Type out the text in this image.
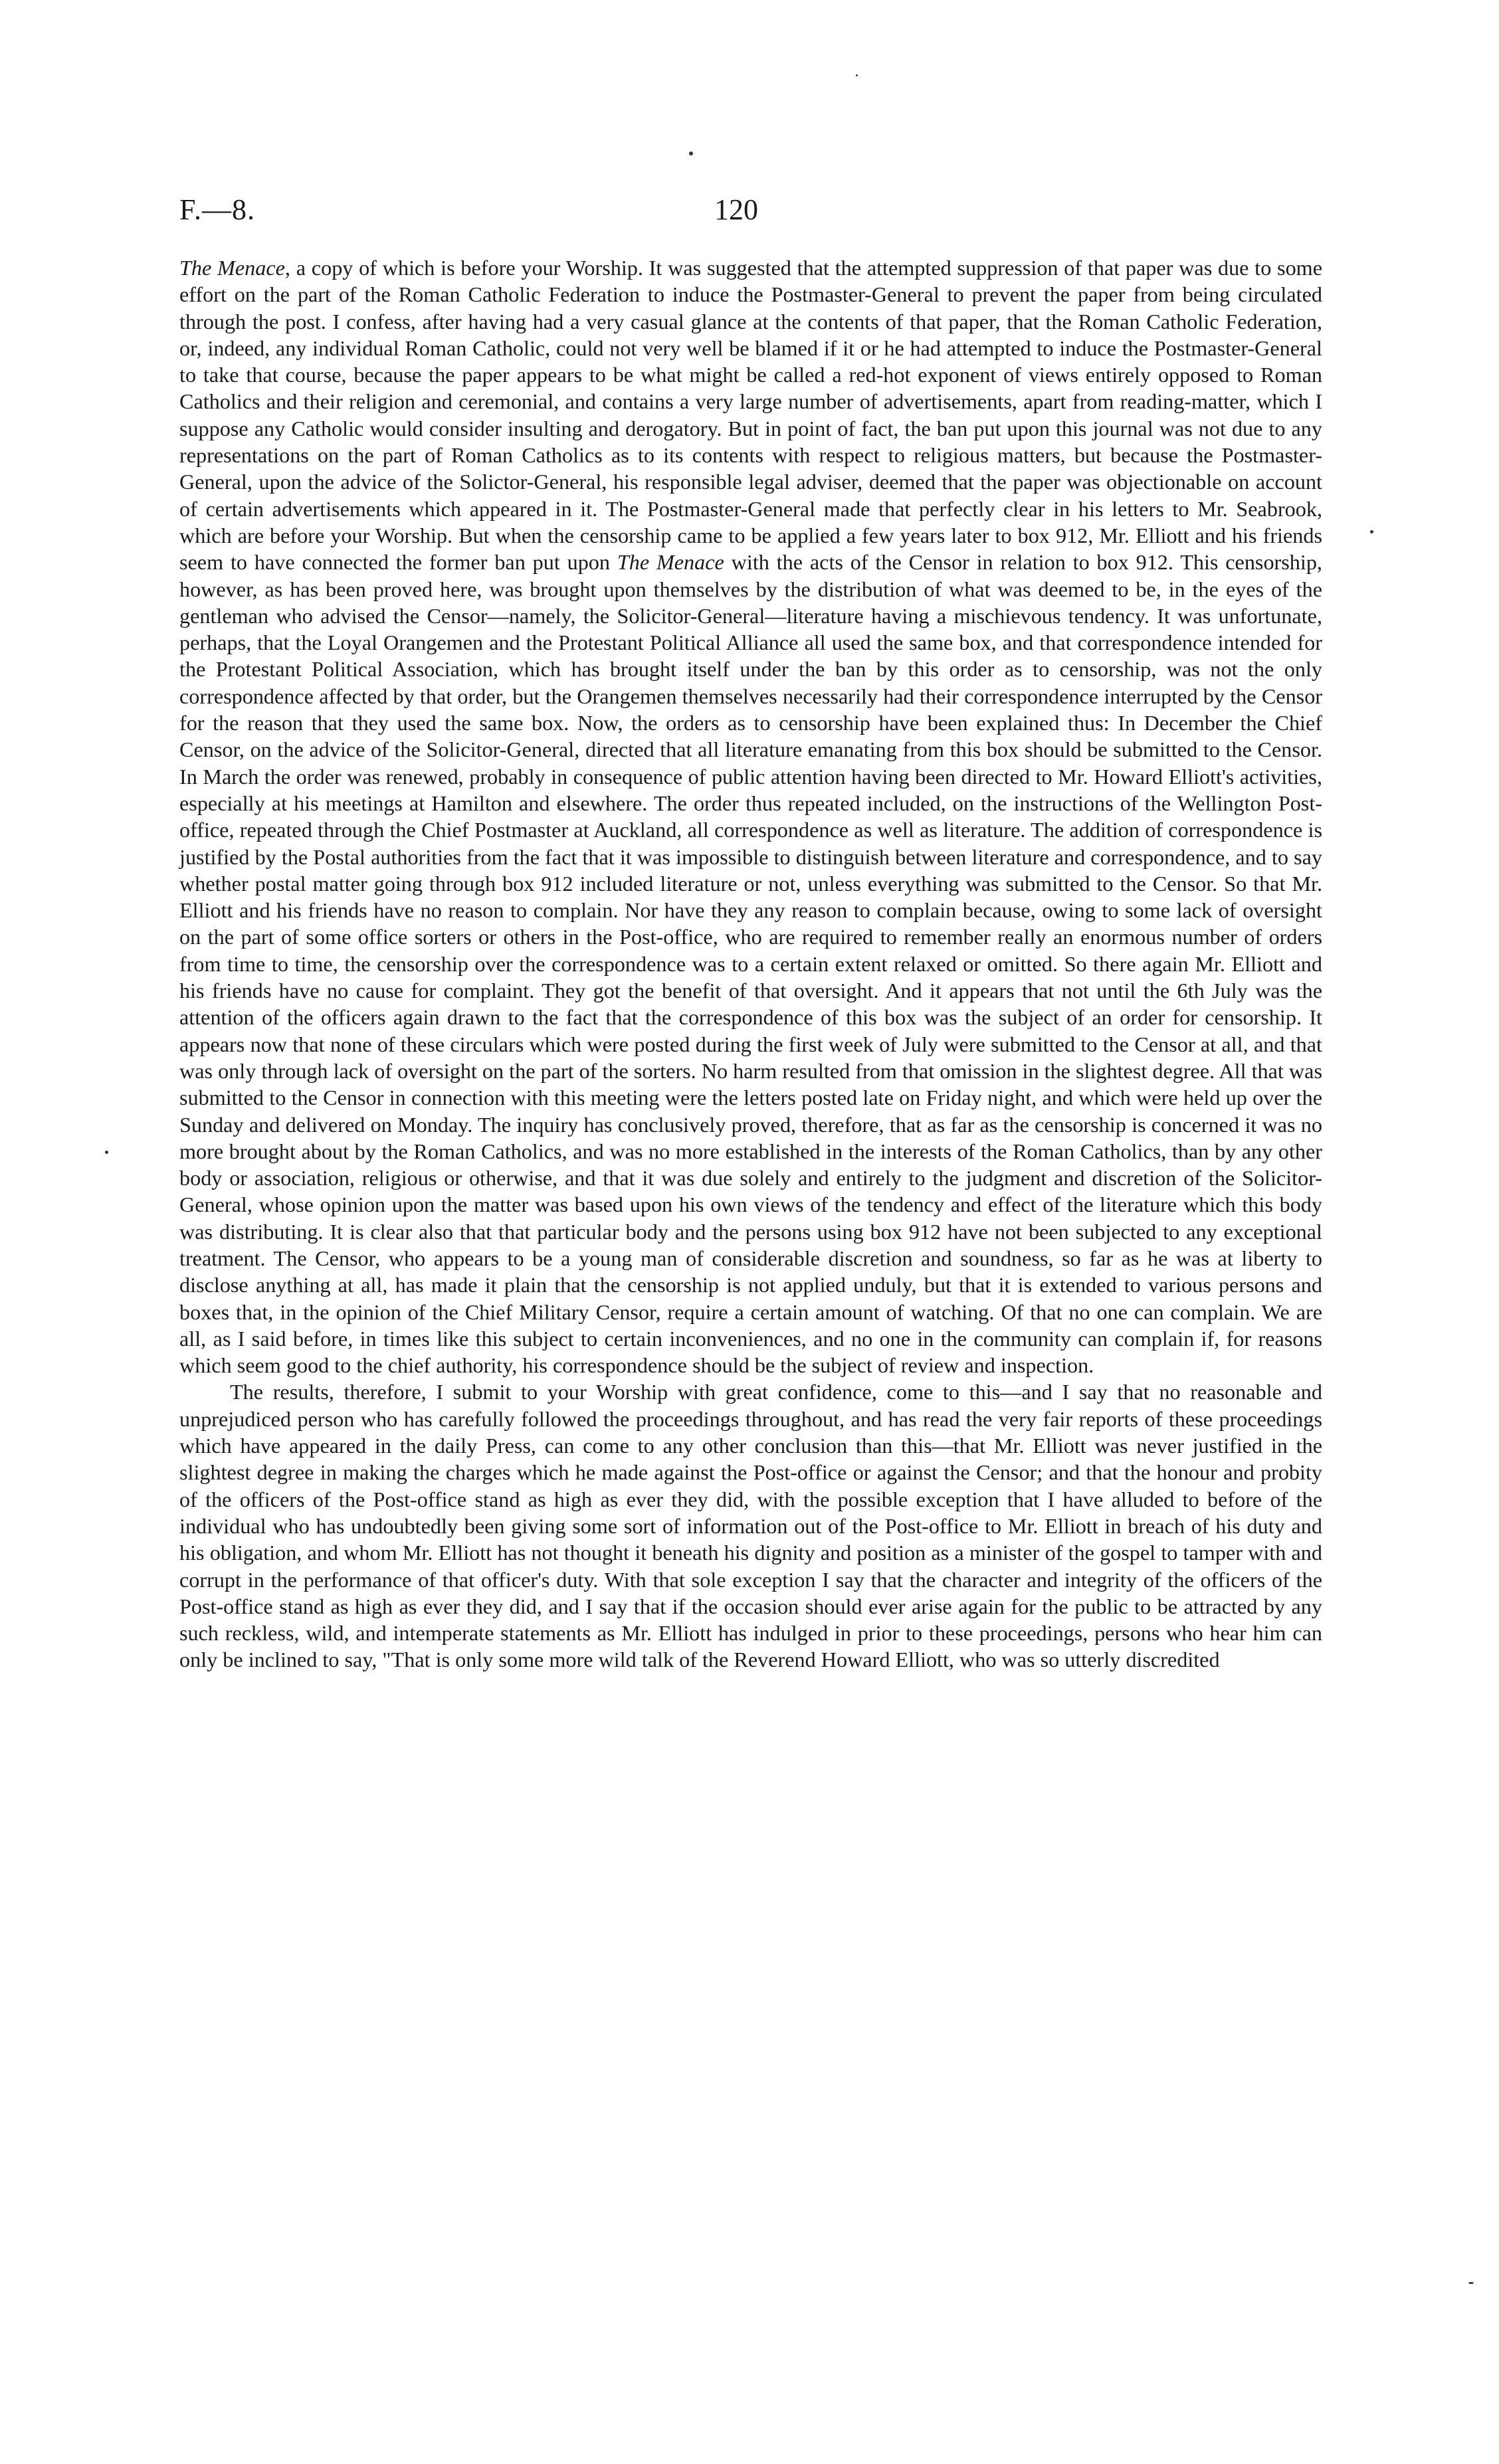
F.—8.	120

The Menace, a copy of which is before your Worship. It was suggested that the attempted suppression of that paper was due to some effort on the part of the Roman Catholic Federation to induce the Postmaster-General to prevent the paper from being circulated through the post. I confess, after having had a very casual glance at the contents of that paper, that the Roman Catholic Federation, or, indeed, any individual Roman Catholic, could not very well be blamed if it or he had attempted to induce the Postmaster-General to take that course, because the paper appears to be what might be called a red-hot exponent of views entirely opposed to Roman Catholics and their religion and ceremonial, and contains a very large number of advertisements, apart from reading-matter, which I suppose any Catholic would consider insulting and derogatory. But in point of fact, the ban put upon this journal was not due to any representations on the part of Roman Catholics as to its contents with respect to religious matters, but because the Postmaster-General, upon the advice of the Solictor-General, his responsible legal adviser, deemed that the paper was objectionable on account of certain advertisements which appeared in it. The Postmaster-General made that perfectly clear in his letters to Mr. Seabrook, which are before your Worship. But when the censorship came to be applied a few years later to box 912, Mr. Elliott and his friends seem to have connected the former ban put upon The Menace with the acts of the Censor in relation to box 912. This censorship, however, as has been proved here, was brought upon themselves by the distribution of what was deemed to be, in the eyes of the gentleman who advised the Censor—namely, the Solicitor-General—literature having a mischievous tendency. It was unfortunate, perhaps, that the Loyal Orangemen and the Protestant Political Alliance all used the same box, and that correspondence intended for the Protestant Political Association, which has brought itself under the ban by this order as to censorship, was not the only correspondence affected by that order, but the Orangemen themselves necessarily had their correspondence interrupted by the Censor for the reason that they used the same box. Now, the orders as to censorship have been explained thus: In December the Chief Censor, on the advice of the Solicitor-General, directed that all literature emanating from this box should be submitted to the Censor. In March the order was renewed, probably in consequence of public attention having been directed to Mr. Howard Elliott's activities, especially at his meetings at Hamilton and elsewhere. The order thus repeated included, on the instructions of the Wellington Post-office, repeated through the Chief Postmaster at Auckland, all correspondence as well as literature. The addition of correspondence is justified by the Postal authorities from the fact that it was impossible to distinguish between literature and correspondence, and to say whether postal matter going through box 912 included literature or not, unless everything was submitted to the Censor. So that Mr. Elliott and his friends have no reason to complain. Nor have they any reason to complain because, owing to some lack of oversight on the part of some office sorters or others in the Post-office, who are required to remember really an enormous number of orders from time to time, the censorship over the correspondence was to a certain extent relaxed or omitted. So there again Mr. Elliott and his friends have no cause for complaint. They got the benefit of that oversight. And it appears that not until the 6th July was the attention of the officers again drawn to the fact that the correspondence of this box was the subject of an order for censorship. It appears now that none of these circulars which were posted during the first week of July were submitted to the Censor at all, and that was only through lack of oversight on the part of the sorters. No harm resulted from that omission in the slightest degree. All that was submitted to the Censor in connection with this meeting were the letters posted late on Friday night, and which were held up over the Sunday and delivered on Monday. The inquiry has conclusively proved, therefore, that as far as the censorship is concerned it was no more brought about by the Roman Catholics, and was no more established in the interests of the Roman Catholics, than by any other body or association, religious or otherwise, and that it was due solely and entirely to the judgment and discretion of the Solicitor-General, whose opinion upon the matter was based upon his own views of the tendency and effect of the literature which this body was distributing. It is clear also that that particular body and the persons using box 912 have not been subjected to any exceptional treatment. The Censor, who appears to be a young man of considerable discretion and soundness, so far as he was at liberty to disclose anything at all, has made it plain that the censorship is not applied unduly, but that it is extended to various persons and boxes that, in the opinion of the Chief Military Censor, require a certain amount of watching. Of that no one can complain. We are all, as I said before, in times like this subject to certain inconveniences, and no one in the community can complain if, for reasons which seem good to the chief authority, his correspondence should be the subject of review and inspection.

The results, therefore, I submit to your Worship with great confidence, come to this—and I say that no reasonable and unprejudiced person who has carefully followed the proceedings throughout, and has read the very fair reports of these proceedings which have appeared in the daily Press, can come to any other conclusion than this—that Mr. Elliott was never justified in the slightest degree in making the charges which he made against the Post-office or against the Censor; and that the honour and probity of the officers of the Post-office stand as high as ever they did, with the possible exception that I have alluded to before of the individual who has undoubtedly been giving some sort of information out of the Post-office to Mr. Elliott in breach of his duty and his obligation, and whom Mr. Elliott has not thought it beneath his dignity and position as a minister of the gospel to tamper with and corrupt in the performance of that officer's duty. With that sole exception I say that the character and integrity of the officers of the Post-office stand as high as ever they did, and I say that if the occasion should ever arise again for the public to be attracted by any such reckless, wild, and intemperate statements as Mr. Elliott has indulged in prior to these proceedings, persons who hear him can only be inclined to say, "That is only some more wild talk of the Reverend Howard Elliott, who was so utterly discredited
